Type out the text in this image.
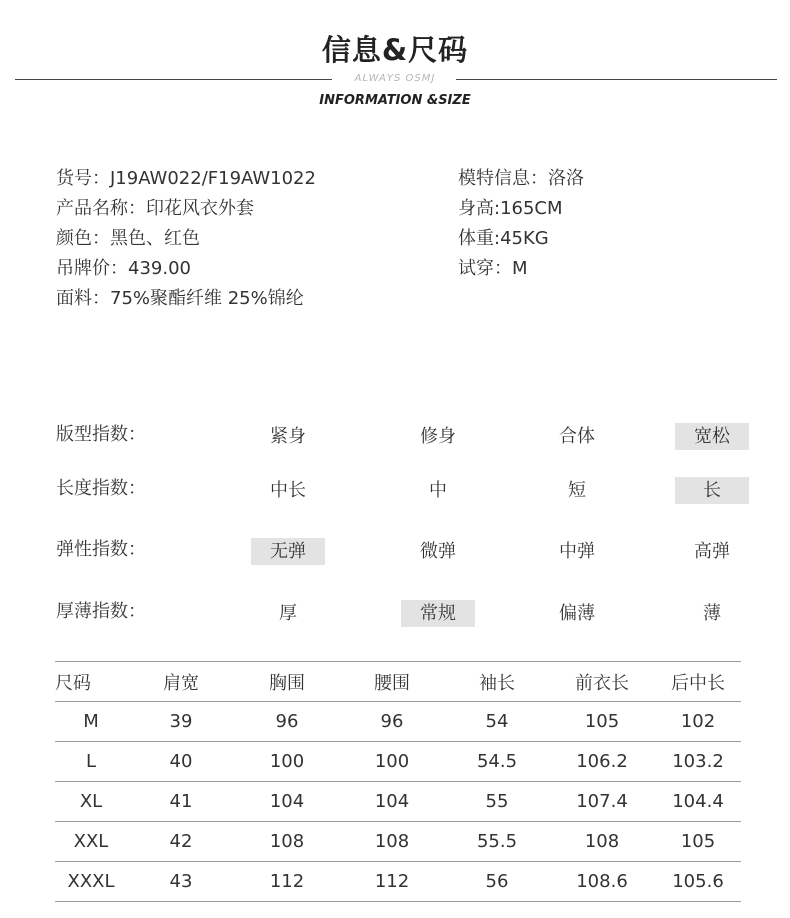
信息&尺码
ALWAYS OSMJ
INFORMATION &SIZE
货号：J19AW022/F19AW1022
产品名称：印花风衣外套
颜色：黑色、红色
吊牌价：439.00
面料：75%聚酯纤维 25%锦纶
模特信息：洛洛
身高:165CM
体重:45KG
试穿：M
版型指数：	紧身	修身	合体	宽松
长度指数：	中长	中	短	长
弹性指数：	无弹	微弹	中弹	高弹
厚薄指数：	厚	常规	偏薄	薄
尺码	肩宽	胸围	腰围	袖长	前衣长	后中长
M	39	96	96	54	105	102
L	40	100	100	54.5	106.2	103.2
XL	41	104	104	55	107.4	104.4
XXL	42	108	108	55.5	108	105
XXXL	43	112	112	56	108.6	105.6
